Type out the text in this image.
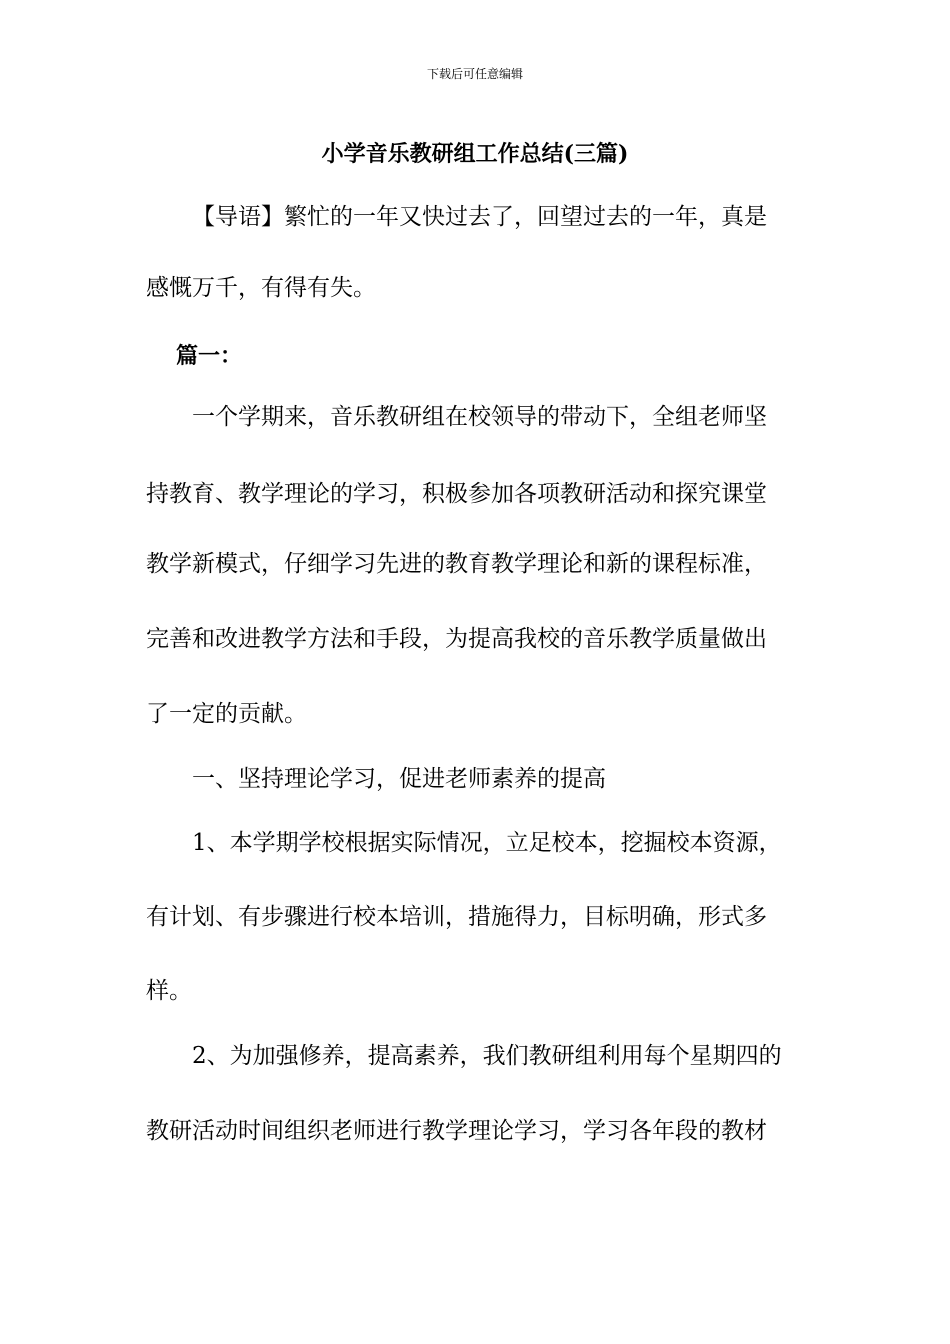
下载后可任意编辑
小学音乐教研组工作总结(三篇)
【导语】繁忙的一年又快过去了，回望过去的一年，真是
感慨万千，有得有失。
篇一：
一个学期来，音乐教研组在校领导的带动下，全组老师坚
持教育、教学理论的学习，积极参加各项教研活动和探究课堂
教学新模式，仔细学习先进的教育教学理论和新的课程标准，
完善和改进教学方法和手段，为提高我校的音乐教学质量做出
了一定的贡献。
一、坚持理论学习，促进老师素养的提高
1、本学期学校根据实际情况，立足校本，挖掘校本资源，
有计划、有步骤进行校本培训，措施得力，目标明确，形式多
样。
2、为加强修养，提高素养，我们教研组利用每个星期四的
教研活动时间组织老师进行教学理论学习，学习各年段的教材
